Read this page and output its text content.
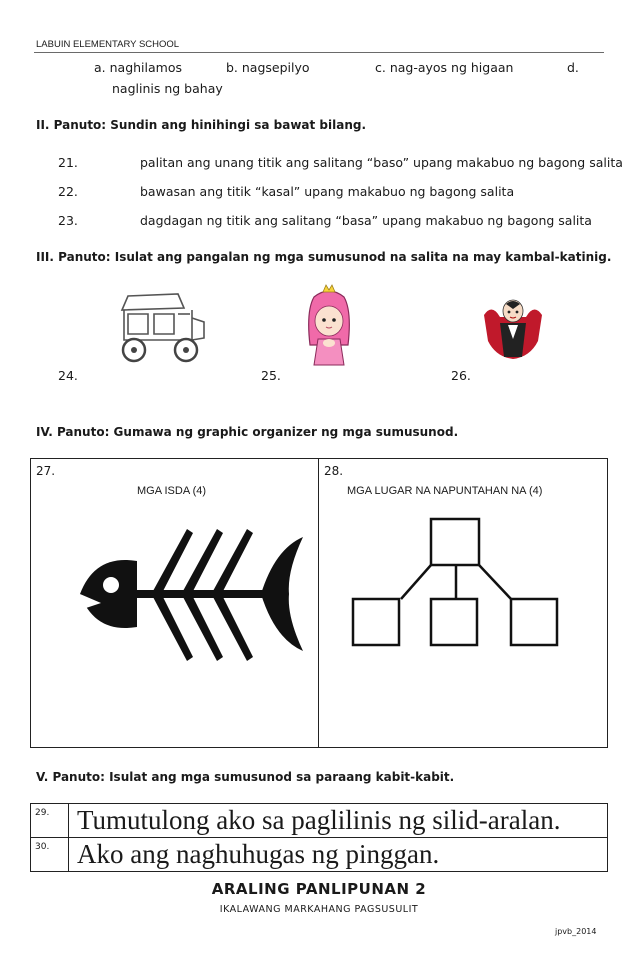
LABUIN ELEMENTARY SCHOOL
a. naghilamos	b. nagsepilyo	c. nag-ayos ng higaan	d.
naglinis ng bahay
II. Panuto: Sundin ang hinihingi sa bawat bilang.
21.	palitan ang unang titik ang salitang “baso” upang makabuo ng bagong salita
22.	bawasan ang titik “kasal” upang makabuo ng bagong salita
23.	dagdagan ng titik ang salitang “basa” upang makabuo ng bagong salita
III. Panuto: Isulat ang pangalan ng mga sumusunod na salita na may kambal-katinig.
24.	25.	26.
IV. Panuto: Gumawa ng graphic organizer ng mga sumusunod.
27.
MGA ISDA (4)

28.
MGA LUGAR NA NAPUNTAHAN NA (4)
V. Panuto: Isulat ang mga sumusunod sa paraang kabit-kabit.
29.	Tumutulong ako sa paglilinis ng silid-aralan.
30.	Ako ang naghuhugas ng pinggan.
ARALING PANLIPUNAN 2
IKALAWANG MARKAHANG PAGSUSULIT
jpvb_2014
